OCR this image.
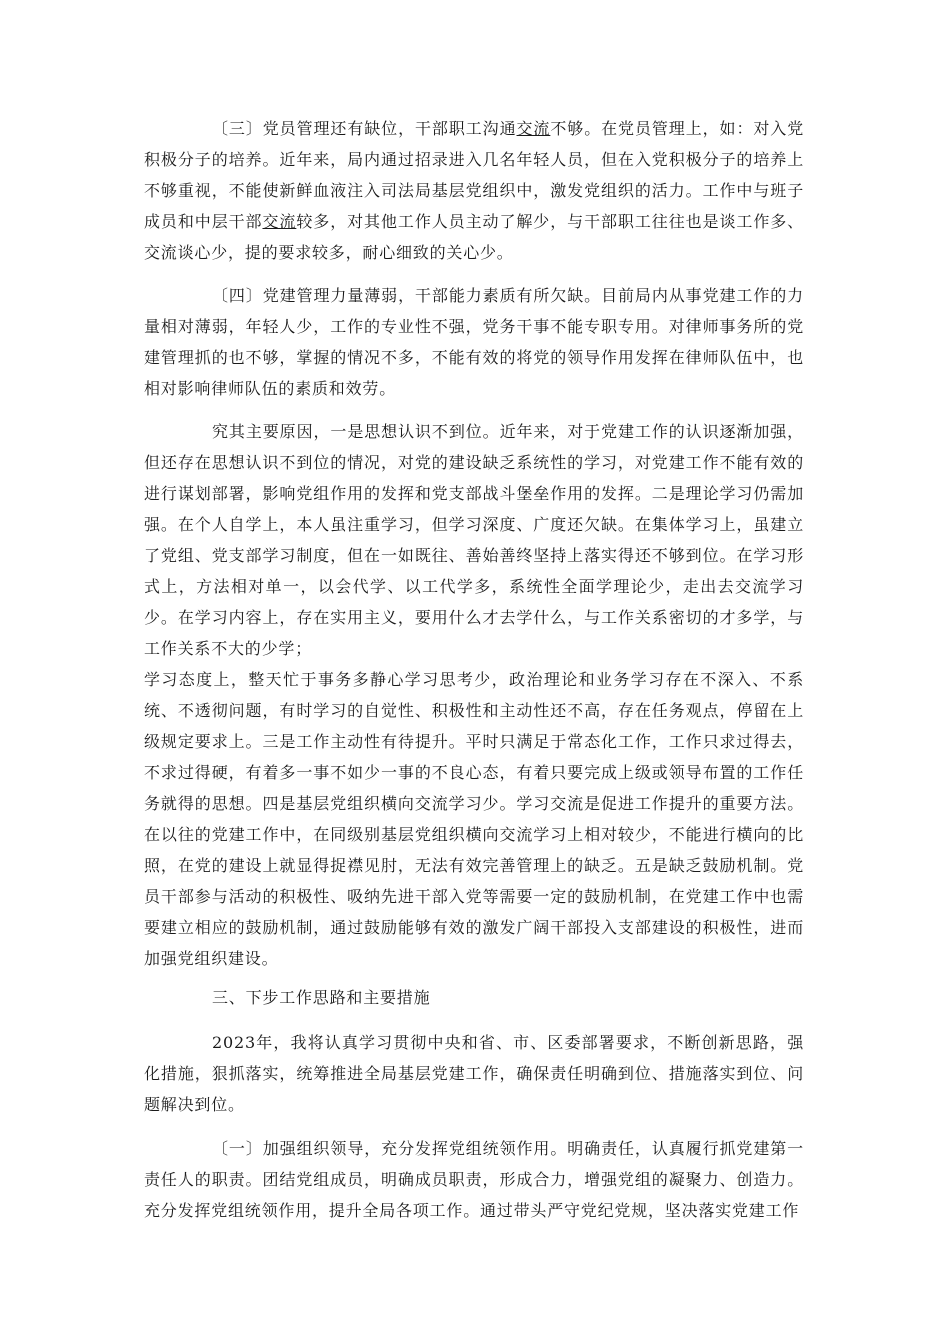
〔三〕党员管理还有缺位，干部职工沟通交流不够。在党员管理上，如：对入党积极分子的培养。近年来，局内通过招录进入几名年轻人员，但在入党积极分子的培养上不够重视，不能使新鲜血液注入司法局基层党组织中，激发党组织的活力。工作中与班子成员和中层干部交流较多，对其他工作人员主动了解少，与干部职工往往也是谈工作多、交流谈心少，提的要求较多，耐心细致的关心少。

〔四〕党建管理力量薄弱，干部能力素质有所欠缺。目前局内从事党建工作的力量相对薄弱，年轻人少，工作的专业性不强，党务干事不能专职专用。对律师事务所的党建管理抓的也不够，掌握的情况不多，不能有效的将党的领导作用发挥在律师队伍中，也相对影响律师队伍的素质和效劳。

究其主要原因，一是思想认识不到位。近年来，对于党建工作的认识逐渐加强，但还存在思想认识不到位的情况，对党的建设缺乏系统性的学习，对党建工作不能有效的进行谋划部署，影响党组作用的发挥和党支部战斗堡垒作用的发挥。二是理论学习仍需加强。在个人自学上，本人虽注重学习，但学习深度、广度还欠缺。在集体学习上，虽建立了党组、党支部学习制度，但在一如既往、善始善终坚持上落实得还不够到位。在学习形式上，方法相对单一，以会代学、以工代学多，系统性全面学理论少，走出去交流学习少。在学习内容上，存在实用主义，要用什么才去学什么，与工作关系密切的才多学，与工作关系不大的少学；

学习态度上，整天忙于事务多静心学习思考少，政治理论和业务学习存在不深入、不系统、不透彻问题，有时学习的自觉性、积极性和主动性还不高，存在任务观点，停留在上级规定要求上。三是工作主动性有待提升。平时只满足于常态化工作，工作只求过得去，不求过得硬，有着多一事不如少一事的不良心态，有着只要完成上级或领导布置的工作任务就得的思想。四是基层党组织横向交流学习少。学习交流是促进工作提升的重要方法。在以往的党建工作中，在同级别基层党组织横向交流学习上相对较少，不能进行横向的比照，在党的建设上就显得捉襟见肘，无法有效完善管理上的缺乏。五是缺乏鼓励机制。党员干部参与活动的积极性、吸纳先进干部入党等需要一定的鼓励机制，在党建工作中也需要建立相应的鼓励机制，通过鼓励能够有效的激发广阔干部投入支部建设的积极性，进而加强党组织建设。

三、下步工作思路和主要措施

2023年，我将认真学习贯彻中央和省、市、区委部署要求，不断创新思路，强化措施，狠抓落实，统筹推进全局基层党建工作，确保责任明确到位、措施落实到位、问题解决到位。

〔一〕加强组织领导，充分发挥党组统领作用。明确责任，认真履行抓党建第一责任人的职责。团结党组成员，明确成员职责，形成合力，增强党组的凝聚力、创造力。充分发挥党组统领作用，提升全局各项工作。通过带头严守党纪党规，坚决落实党建工作
